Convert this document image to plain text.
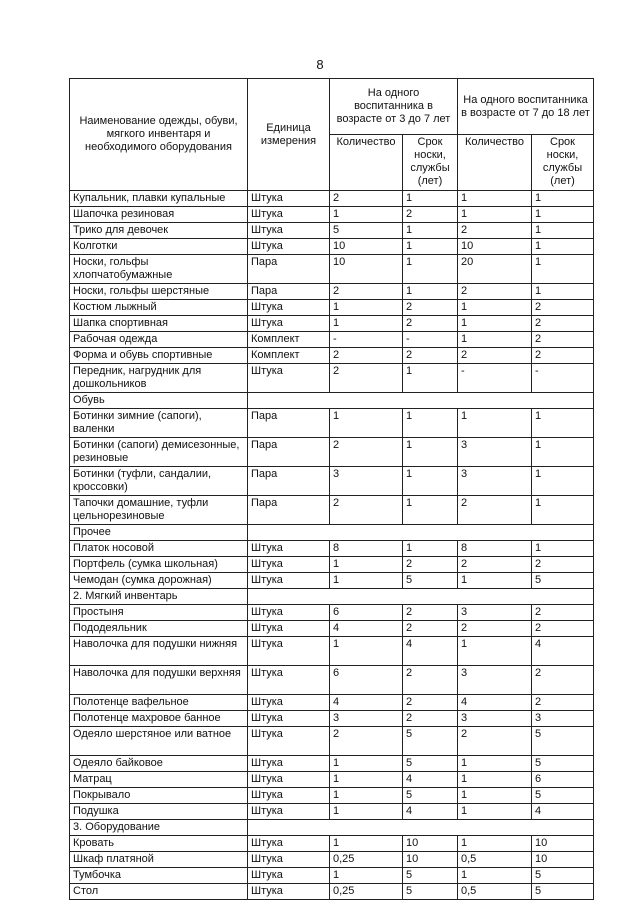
8
Наименование одежды, обуви, мягкого инвентаря и необходимого оборудования	Единица измерения	На одного воспитанника в возрасте от 3 до 7 лет		На одного воспитанника в возрасте от 7 до 18 лет	
		Количество	Срок носки, службы (лет)	Количество	Срок носки, службы (лет)
Купальник, плавки купальные	Штука	2	1	1	1
Шапочка резиновая	Штука	1	2	1	1
Трико для девочек	Штука	5	1	2	1
Колготки	Штука	10	1	10	1
Носки, гольфы хлопчатобумажные	Пара	10	1	20	1
Носки, гольфы шерстяные	Пара	2	1	2	1
Костюм лыжный	Штука	1	2	1	2
Шапка спортивная	Штука	1	2	1	2
Рабочая одежда	Комплект	-	-	1	2
Форма и обувь спортивные	Комплект	2	2	2	2
Передник, нагрудник для дошкольников	Штука	2	1	-	-
Обувь					
Ботинки зимние (сапоги), валенки	Пара	1	1	1	1
Ботинки (сапоги) демисезонные, резиновые	Пара	2	1	3	1
Ботинки (туфли, сандалии, кроссовки)	Пара	3	1	3	1
Тапочки домашние, туфли цельнорезиновые	Пара	2	1	2	1
Прочее					
Платок носовой	Штука	8	1	8	1
Портфель (сумка школьная)	Штука	1	2	2	2
Чемодан (сумка дорожная)	Штука	1	5	1	5
2. Мягкий инвентарь					
Простыня	Штука	6	2	3	2
Пододеяльник	Штука	4	2	2	2
Наволочка для подушки нижняя	Штука	1	4	1	4
Наволочка для подушки верхняя	Штука	6	2	3	2
Полотенце вафельное	Штука	4	2	4	2
Полотенце махровое банное	Штука	3	2	3	3
Одеяло шерстяное или ватное	Штука	2	5	2	5
Одеяло байковое	Штука	1	5	1	5
Матрац	Штука	1	4	1	6
Покрывало	Штука	1	5	1	5
Подушка	Штука	1	4	1	4
3. Оборудование					
Кровать	Штука	1	10	1	10
Шкаф платяной	Штука	0,25	10	0,5	10
Тумбочка	Штука	1	5	1	5
Стол	Штука	0,25	5	0,5	5
